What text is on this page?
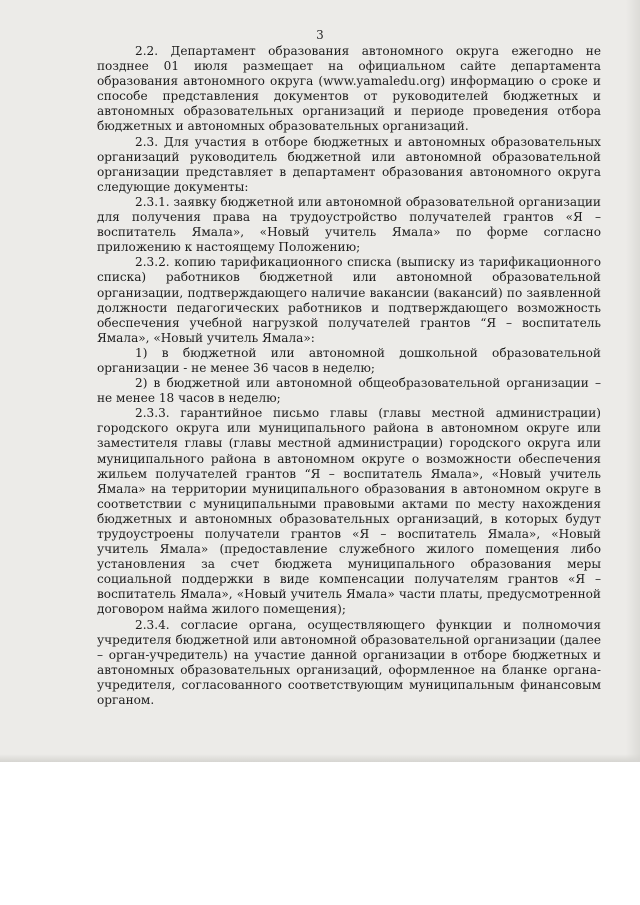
3

2.2. Департамент образования автономного округа ежегодно не позднее 01 июля размещает на официальном сайте департамента образования автономного округа (www.yamaledu.org) информацию о сроке и способе представления документов от руководителей бюджетных и автономных образовательных организаций и периоде проведения отбора бюджетных и автономных образовательных организаций.

2.3. Для участия в отборе бюджетных и автономных образовательных организаций руководитель бюджетной или автономной образовательной организации представляет в департамент образования автономного округа следующие документы:

2.3.1. заявку бюджетной или автономной образовательной организации для получения права на трудоустройство получателей грантов «Я – воспитатель Ямала», «Новый учитель Ямала» по форме согласно приложению к настоящему Положению;

2.3.2. копию тарификационного списка (выписку из тарификационного списка) работников бюджетной или автономной образовательной организации, подтверждающего наличие вакансии (вакансий) по заявленной должности педагогических работников и подтверждающего возможность обеспечения учебной нагрузкой получателей грантов “Я – воспитатель Ямала», «Новый учитель Ямала»:

1) в бюджетной или автономной дошкольной образовательной организации - не менее 36 часов в неделю;

2) в бюджетной или автономной общеобразовательной организации – не менее 18 часов в неделю;

2.3.3. гарантийное письмо главы (главы местной администрации) городского округа или муниципального района в автономном округе или заместителя главы (главы местной администрации) городского округа или муниципального района в автономном округе о возможности обеспечения жильем получателей грантов “Я – воспитатель Ямала», «Новый учитель Ямала» на территории муниципального образования в автономном округе в соответствии с муниципальными правовыми актами по месту нахождения бюджетных и автономных образовательных организаций, в которых будут трудоустроены получатели грантов «Я – воспитатель Ямала», «Новый учитель Ямала» (предоставление служебного жилого помещения либо установления за счет бюджета муниципального образования меры социальной поддержки в виде компенсации получателям грантов «Я – воспитатель Ямала», «Новый учитель Ямала» части платы, предусмотренной договором найма жилого помещения);

2.3.4. согласие органа, осуществляющего функции и полномочия учредителя бюджетной или автономной образовательной организации (далее – орган-учредитель) на участие данной организации в отборе бюджетных и автономных образовательных организаций, оформленное на бланке органа-учредителя, согласованного соответствующим муниципальным финансовым органом.
